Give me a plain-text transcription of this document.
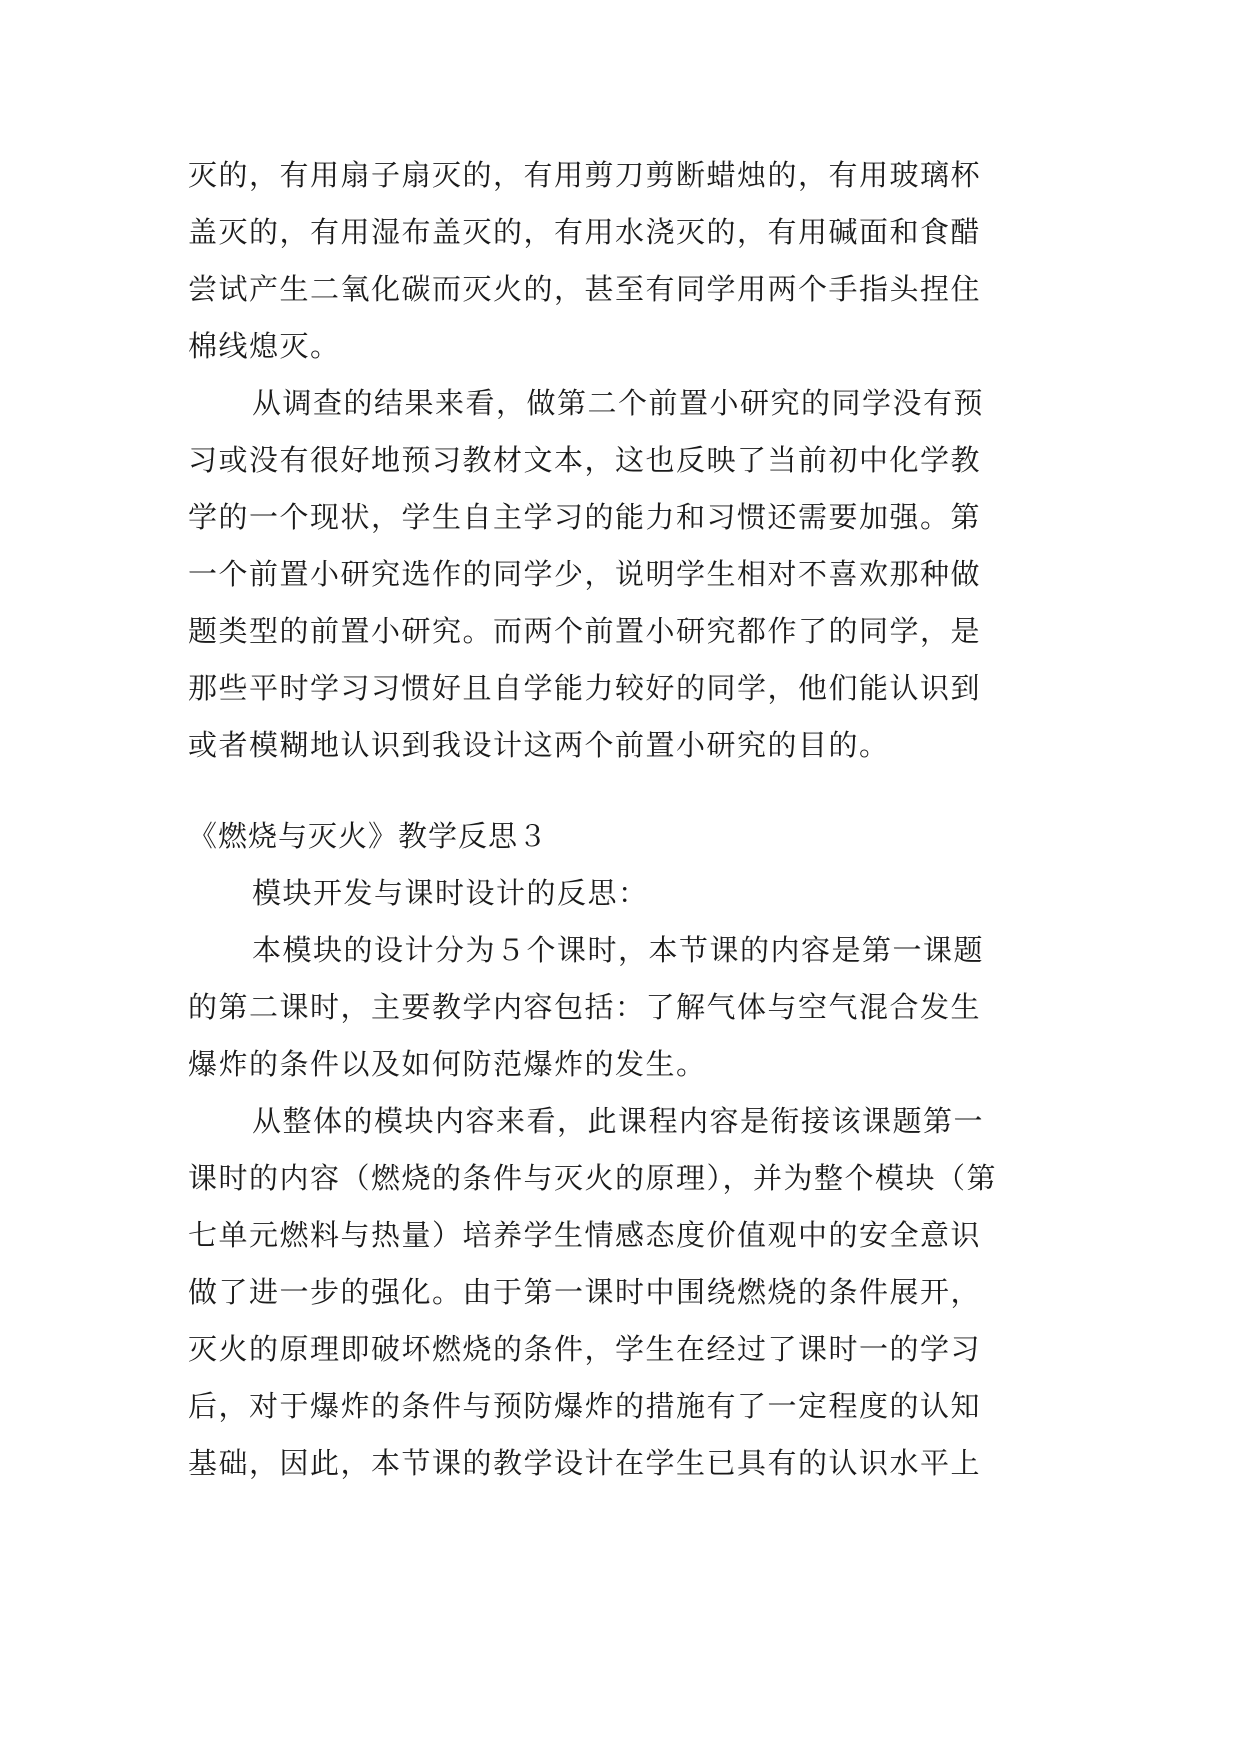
灭的，有用扇子扇灭的，有用剪刀剪断蜡烛的，有用玻璃杯

盖灭的，有用湿布盖灭的，有用水浇灭的，有用碱面和食醋

尝试产生二氧化碳而灭火的，甚至有同学用两个手指头捏住

棉线熄灭。

从调查的结果来看，做第二个前置小研究的同学没有预

习或没有很好地预习教材文本，这也反映了当前初中化学教

学的一个现状，学生自主学习的能力和习惯还需要加强。第

一个前置小研究选作的同学少，说明学生相对不喜欢那种做

题类型的前置小研究。而两个前置小研究都作了的同学，是

那些平时学习习惯好且自学能力较好的同学，他们能认识到

或者模糊地认识到我设计这两个前置小研究的目的。

《燃烧与灭火》教学反思３

模块开发与课时设计的反思：

本模块的设计分为５个课时，本节课的内容是第一课题

的第二课时，主要教学内容包括：了解气体与空气混合发生

爆炸的条件以及如何防范爆炸的发生。

从整体的模块内容来看，此课程内容是衔接该课题第一

课时的内容（燃烧的条件与灭火的原理），并为整个模块（第

七单元燃料与热量）培养学生情感态度价值观中的安全意识

做了进一步的强化。由于第一课时中围绕燃烧的条件展开，

灭火的原理即破坏燃烧的条件，学生在经过了课时一的学习

后，对于爆炸的条件与预防爆炸的措施有了一定程度的认知

基础，因此，本节课的教学设计在学生已具有的认识水平上
